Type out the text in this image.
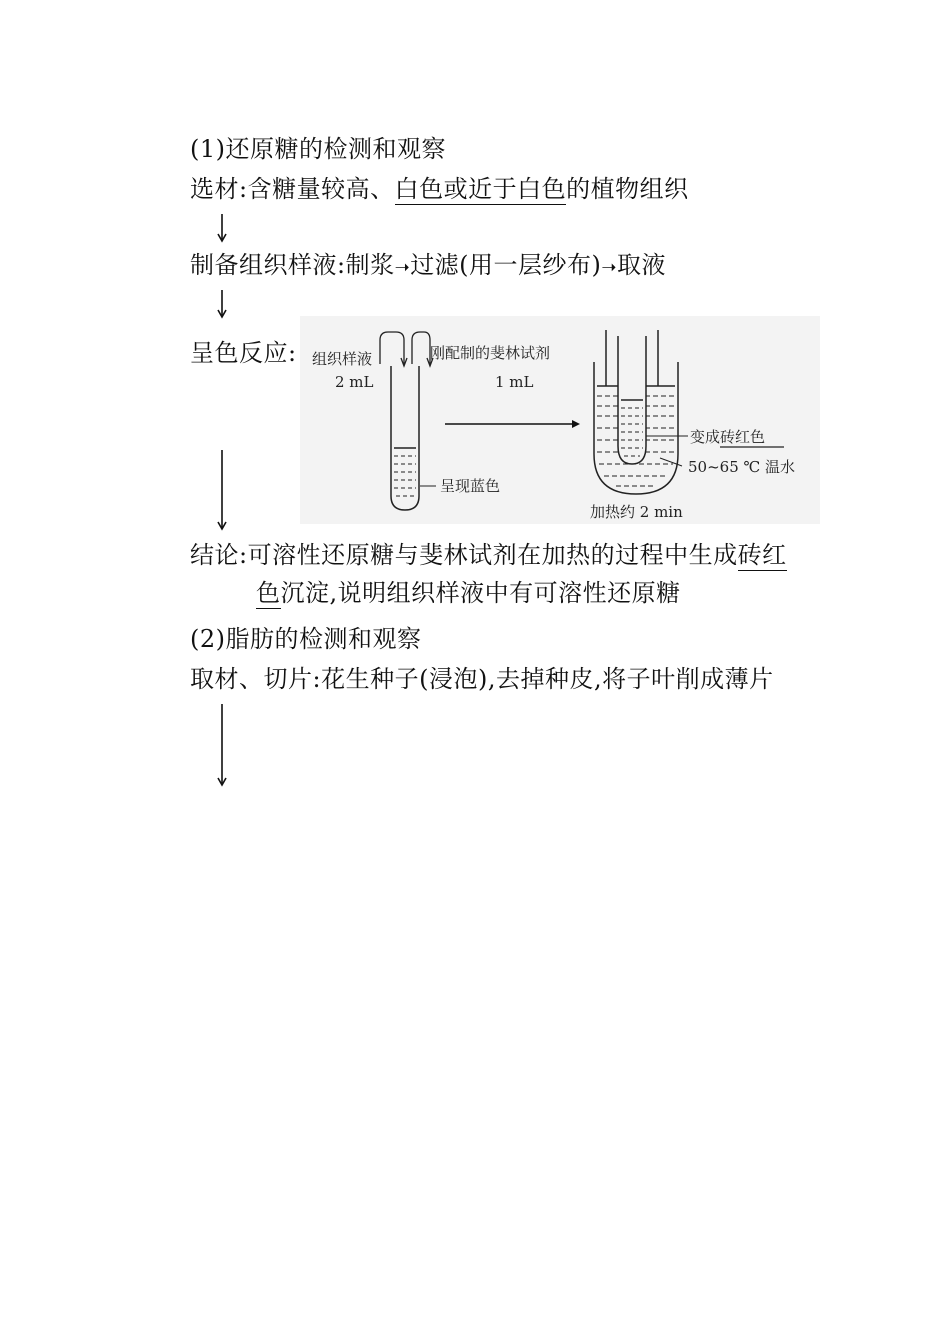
(1)还原糖的检测和观察
选材:含糖量较高、白色或近于白色的植物组织
制备组织样液:制浆➝过滤(用一层纱布)➝取液
呈色反应: 组织样液
2 mL
刚配制的斐林试剂
1 mL
呈现蓝色
变成砖红色
50~65 ℃ 温水
加热约 2 min
结论:可溶性还原糖与斐林试剂在加热的过程中生成砖红
色沉淀,说明组织样液中有可溶性还原糖
(2)脂肪的检测和观察
取材、切片:花生种子(浸泡),去掉种皮,将子叶削成薄片
